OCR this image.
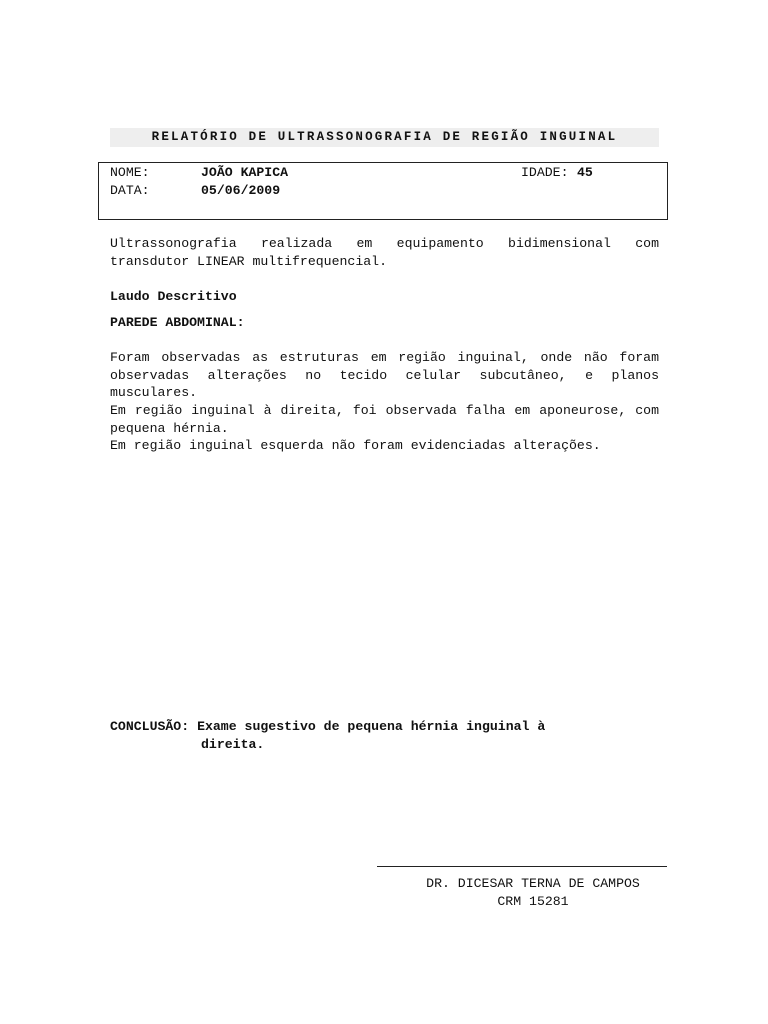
RELATÓRIO DE ULTRASSONOGRAFIA DE REGIÃO INGUINAL
NOME:	JOÃO KAPICA	IDADE: 45
DATA:	05/06/2009
Ultrassonografia realizada em equipamento bidimensional com transdutor LINEAR multifrequencial.
Laudo Descritivo
PAREDE ABDOMINAL:
Foram observadas as estruturas em região inguinal, onde não foram observadas alterações no tecido celular subcutâneo, e planos musculares.
Em região inguinal à direita, foi observada falha em aponeurose, com pequena hérnia.
Em região inguinal esquerda não foram evidenciadas alterações.
CONCLUSÃO: Exame sugestivo de pequena hérnia inguinal à
direita.
DR. DICESAR TERNA DE CAMPOS
CRM 15281
